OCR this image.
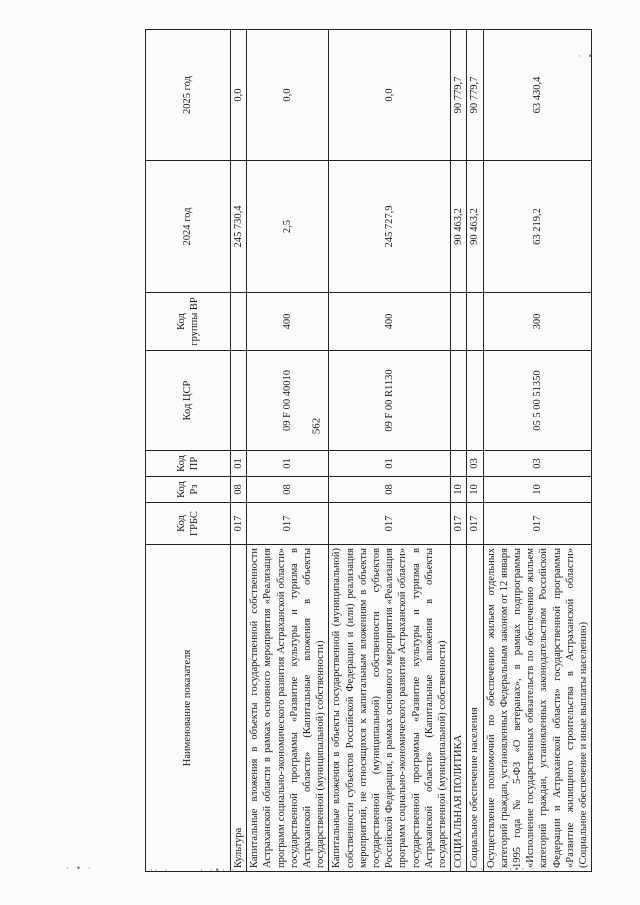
562
· • ·	·· ·	· ·•· ·	· · · ·•· · ·
· •
Наименование показателя	Код ГРБС	Код Рз	Код ПР	Код ЦСР	Код группы ВР	2024 год	2025 год
Культура	017	08	01			245 730,4	0,0
Капитальные вложения в объекты государственной собственности Астраханской области в рамках основного мероприятия «Реализация программ социально-экономического развития Астраханской области» государственной программы «Развитие культуры и туризма в Астраханской области» (Капитальные вложения в объекты государственной (муниципальной) собственности)	017	08	01	09 F 00 40010	400	2,5	0,0
Капитальные вложения в объекты государственной (муниципальной) собственности субъектов Российской Федерации и (или) реализация мероприятий, не относящихся к капитальным вложениям в объекты государственной (муниципальной) собственности субъектов Российской Федерации, в рамках основного мероприятия «Реализация программ социально-экономического развития Астраханской области» государственной программы «Развитие культуры и туризма в Астраханской области» (Капитальные вложения в объекты государственной (муниципальной) собственности)	017	08	01	09 F 00 R1130	400	245 727,9	0,0
СОЦИАЛЬНАЯ ПОЛИТИКА	017	10				90 463,2	90 779,7
Социальное обеспечение населения	017	10	03			90 463,2	90 779,7
Осуществление полномочий по обеспечению жильем отдельных категорий граждан, установленных Федеральным законом от 12 января 1995 года № 5-ФЗ «О ветеранах», в рамках подпрограммы «Исполнение государственных обязательств по обеспечению жильем категорий граждан, установленных законодательством Российской Федерации и Астраханской области» государственной программы «Развитие жилищного строительства в Астраханской области» (Социальное обеспечение и иные выплаты населению)	017	10	03	05 5 00 51350	300	63 219,2	63 430,4
